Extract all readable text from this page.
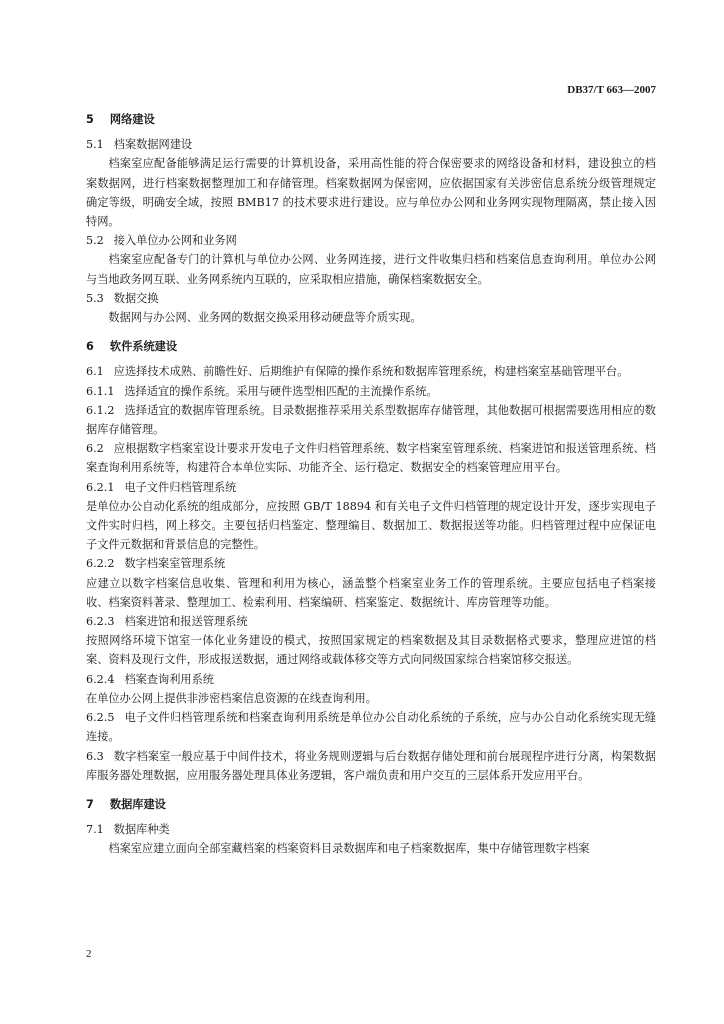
DB37/T 663—2007

5 网络建设

5.1 档案数据网建设

档案室应配备能够满足运行需要的计算机设备，采用高性能的符合保密要求的网络设备和材料，建设独立的档案数据网，进行档案数据整理加工和存储管理。档案数据网为保密网，应依据国家有关涉密信息系统分级管理规定确定等级，明确安全域，按照 BMB17 的技术要求进行建设。应与单位办公网和业务网实现物理隔离，禁止接入因特网。

5.2 接入单位办公网和业务网

档案室应配备专门的计算机与单位办公网、业务网连接，进行文件收集归档和档案信息查询利用。单位办公网与当地政务网互联、业务网系统内互联的，应采取相应措施，确保档案数据安全。

5.3 数据交换

数据网与办公网、业务网的数据交换采用移动硬盘等介质实现。

6 软件系统建设

6.1 应选择技术成熟、前瞻性好、后期维护有保障的操作系统和数据库管理系统，构建档案室基础管理平台。

6.1.1 选择适宜的操作系统。采用与硬件选型相匹配的主流操作系统。

6.1.2 选择适宜的数据库管理系统。目录数据推荐采用关系型数据库存储管理，其他数据可根据需要选用相应的数据库存储管理。

6.2 应根据数字档案室设计要求开发电子文件归档管理系统、数字档案室管理系统、档案进馆和报送管理系统、档案查询利用系统等，构建符合本单位实际、功能齐全、运行稳定、数据安全的档案管理应用平台。

6.2.1 电子文件归档管理系统

是单位办公自动化系统的组成部分，应按照 GB/T 18894 和有关电子文件归档管理的规定设计开发，逐步实现电子文件实时归档，网上移交。主要包括归档鉴定、整理编目、数据加工、数据报送等功能。归档管理过程中应保证电子文件元数据和背景信息的完整性。

6.2.2 数字档案室管理系统

应建立以数字档案信息收集、管理和利用为核心，涵盖整个档案室业务工作的管理系统。主要应包括电子档案接收、档案资料著录、整理加工、检索利用、档案编研、档案鉴定、数据统计、库房管理等功能。

6.2.3 档案进馆和报送管理系统

按照网络环境下馆室一体化业务建设的模式，按照国家规定的档案数据及其目录数据格式要求，整理应进馆的档案、资料及现行文件，形成报送数据，通过网络或载体移交等方式向同级国家综合档案馆移交报送。

6.2.4 档案查询利用系统

在单位办公网上提供非涉密档案信息资源的在线查询利用。

6.2.5 电子文件归档管理系统和档案查询利用系统是单位办公自动化系统的子系统，应与办公自动化系统实现无缝连接。

6.3 数字档案室一般应基于中间件技术，将业务规则逻辑与后台数据存储处理和前台展现程序进行分离，构架数据库服务器处理数据，应用服务器处理具体业务逻辑，客户端负责和用户交互的三层体系开发应用平台。

7 数据库建设

7.1 数据库种类

档案室应建立面向全部室藏档案的档案资料目录数据库和电子档案数据库，集中存储管理数字档案

2
